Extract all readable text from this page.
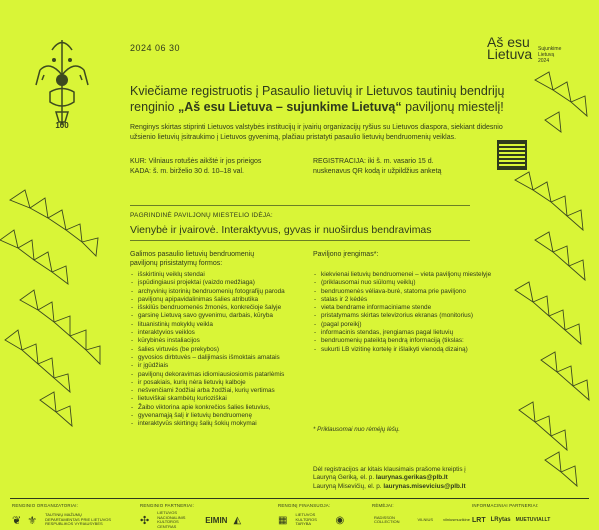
100
2024 06 30	Aš esu
Lietuva Sujunkime
Lietuvą
2024
Kviečiame registruotis į Pasaulio lietuvių ir Lietuvos tautinių bendrijų
renginio „Aš esu Lietuva – sujunkime Lietuvą“ paviljonų miestelį!
Renginys skirtas stiprinti Lietuvos valstybės institucijų ir įvairių organizacijų ryšius su Lietuvos diaspora, siekiant didesnio užsienio lietuvių įsitraukimo į Lietuvos gyvenimą, plačiau pristatyti pasaulio lietuvių bendruomenių veiklas.
KUR: Vilniaus rotušės aikštė ir jos prieigos
KADA: š. m. birželio 30 d. 10–18 val.
REGISTRACIJA: iki š. m. vasario 15 d.
nuskenavus QR kodą ir užpildžius anketą
PAGRINDINĖ PAVILJONŲ MIESTELIO IDĖJA:
Vienybė ir įvairovė. Interaktyvus, gyvas ir nuoširdus bendravimas
Galimos pasaulio lietuvių bendruomenių
paviljonų prisistatymų formos:
- išskirtinių veiklų stendai
- įspūdingiausi projektai (vaizdo medžiaga)
- archyvinių istorinių bendruomenių fotografijų paroda
- paviljonų apipavidalinimas šalies atributika
- išskilūs bendruomenės žmonės, konkrečioje šalyje
- garsinę Lietuvą savo gyvenimu, darbais, kūryba
- lituanistinių mokyklų veikla
- interaktyvios veiklos
- kūrybinės instaliacijos
- šalies virtuvės (be prekybos)
- gyvosios dirbtuvės – dalijimasis išmoktais amatais
- ir įgūdžiais
- paviljonų dekoravimas idiomiausiosiomis patarlėmis
- ir posakiais, kurių nėra lietuvių kalboje
- nešvenčiami žodžiai arba žodžiai, kurių vertimas
- lietuviškai skambėtų kurioziškai
- Žaibo viktorina apie konkrečios šalies lietuvius,
- gyvenamąją šalį ir lietuvių bendruomenę
- interaktyvūs skirtingų šalių šokių mokymai
Paviljono įrengimas*:
- kiekvienai lietuvių bendruomenei – vieta paviljonų miestelyje
- (priklausomai nuo siūlomų veiklų)
- bendruomenės vėliava-burė, statoma prie paviljono
- stalas ir 2 kėdės
- vieta bendrame informaciniame stende
- pristatymams skirtas televizorius ekranas (monitorius)
- (pagal poreikį)
- informacinis stendas, įrengiamas pagal lietuvių
- bendruomenių pateiktą bendrą informaciją (tikslas:
- sukurti LB vizitinę kortelę ir išlaikyti vienodą dizainą)
* Priklausomai nuo rėmėjų lėšų.
Dėl registracijos ar kitais klausimais prašome kreiptis į
Lauryną Geriką, el. p. laurynas.gerikas@plb.lt
Lauryną Misevičių, el. p. laurynas.misevicius@plb.lt
RENGINIO ORGANIZATORIAI:	RENGINIO PARTNERIAI:	RENGINĮ FINANSUOJA:	RĖMĖJAI:	INFORMACINIAI PARTNERIAI:
❦ ⚜	TAUTINIŲ MAŽUMŲ DEPARTAMENTAS PRIE LIETUVOS RESPUBLIKOS VYRIAUSYBĖS	✣
LIETUVOS NACIONALINIS KULTŪROS CENTRAS
EIMIN ◭	▦	LIETUVOS KULTŪROS TARYBA	◉	RADISSON COLLECTION	VILNIUS	vilniusmuzikine LRT LRytas MUETUVIAI.LT
